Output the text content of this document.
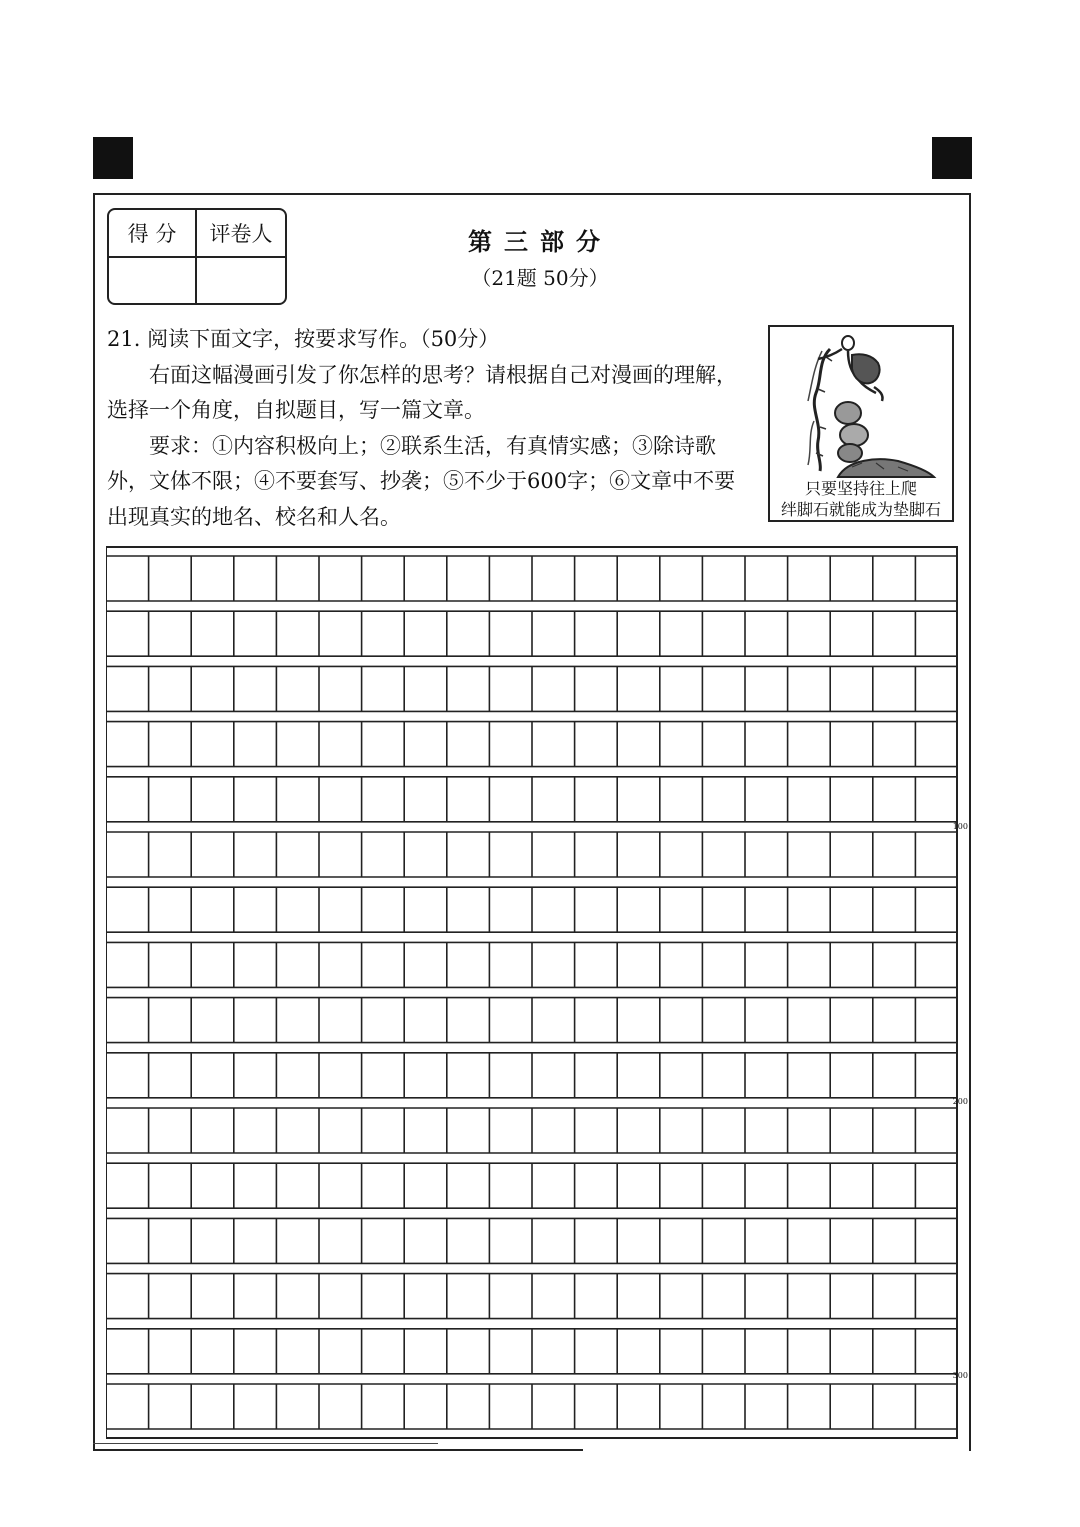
得 分	评卷人	第三部分
（21题 50分）

21. 阅读下面文字，按要求写作。（50分）

右面这幅漫画引发了你怎样的思考？请根据自己对漫画的理解，选择一个角度，自拟题目，写一篇文章。

要求：①内容积极向上；②联系生活，有真情实感；③除诗歌外，文体不限；④不要套写、抄袭；⑤不少于600字；⑥文章中不要出现真实的地名、校名和人名。

只要坚持往上爬
绊脚石就能成为垫脚石
100
200
300
